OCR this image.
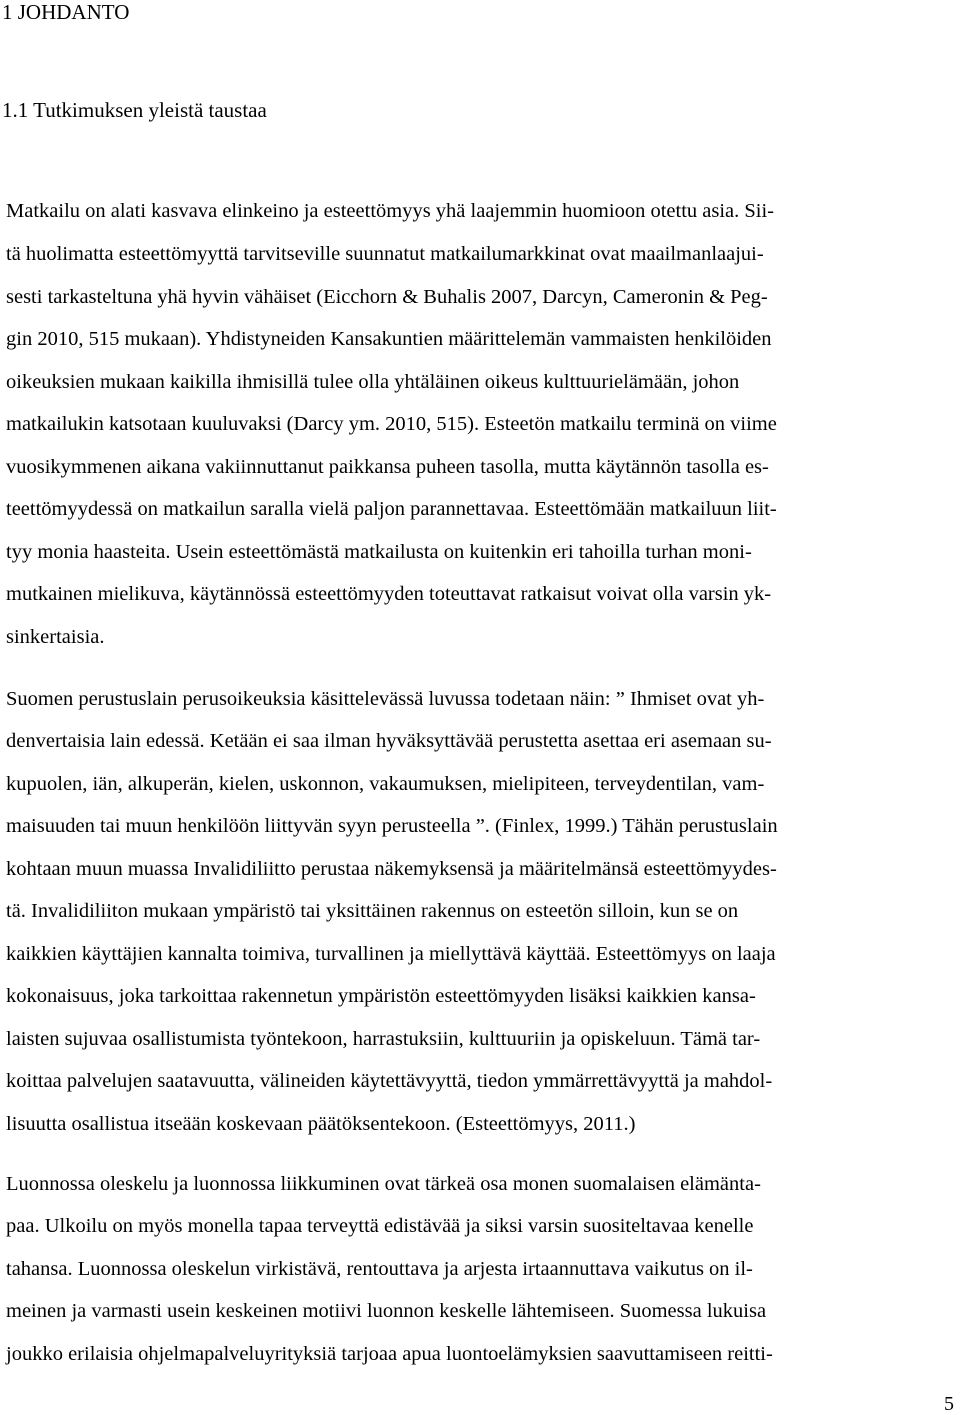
1 JOHDANTO
1.1 Tutkimuksen yleistä taustaa

Matkailu on alati kasvava elinkeino ja esteettömyys yhä laajemmin huomioon otettu asia. Sii-

tä huolimatta esteettömyyttä tarvitseville suunnatut matkailumarkkinat ovat maailmanlaajui-

sesti tarkasteltuna yhä hyvin vähäiset (Eicchorn & Buhalis 2007, Darcyn, Cameronin & Peg-

gin 2010, 515 mukaan). Yhdistyneiden Kansakuntien määrittelemän vammaisten henkilöiden

oikeuksien mukaan kaikilla ihmisillä tulee olla yhtäläinen oikeus kulttuurielämään, johon

matkailukin katsotaan kuuluvaksi (Darcy ym. 2010, 515). Esteetön matkailu terminä on viime

vuosikymmenen aikana vakiinnuttanut paikkansa puheen tasolla, mutta käytännön tasolla es-

teettömyydessä on matkailun saralla vielä paljon parannettavaa. Esteettömään matkailuun liit-

tyy monia haasteita. Usein esteettömästä matkailusta on kuitenkin eri tahoilla turhan moni-

mutkainen mielikuva, käytännössä esteettömyyden toteuttavat ratkaisut voivat olla varsin yk-

sinkertaisia.

Suomen perustuslain perusoikeuksia käsittelevässä luvussa todetaan näin: ” Ihmiset ovat yh-

denvertaisia lain edessä. Ketään ei saa ilman hyväksyttävää perustetta asettaa eri asemaan su-

kupuolen, iän, alkuperän, kielen, uskonnon, vakaumuksen, mielipiteen, terveydentilan, vam-

maisuuden tai muun henkilöön liittyvän syyn perusteella ”. (Finlex, 1999.) Tähän perustuslain

kohtaan muun muassa Invalidiliitto perustaa näkemyksensä ja määritelmänsä esteettömyydes-

tä. Invalidiliiton mukaan ympäristö tai yksittäinen rakennus on esteetön silloin, kun se on

kaikkien käyttäjien kannalta toimiva, turvallinen ja miellyttävä käyttää. Esteettömyys on laaja

kokonaisuus, joka tarkoittaa rakennetun ympäristön esteettömyyden lisäksi kaikkien kansa-

laisten sujuvaa osallistumista työntekoon, harrastuksiin, kulttuuriin ja opiskeluun. Tämä tar-

koittaa palvelujen saatavuutta, välineiden käytettävyyttä, tiedon ymmärrettävyyttä ja mahdol-

lisuutta osallistua itseään koskevaan päätöksentekoon. (Esteettömyys, 2011.)

Luonnossa oleskelu ja luonnossa liikkuminen ovat tärkeä osa monen suomalaisen elämänta-

paa. Ulkoilu on myös monella tapaa terveyttä edistävää ja siksi varsin suositeltavaa kenelle

tahansa. Luonnossa oleskelun virkistävä, rentouttava ja arjesta irtaannuttava vaikutus on il-

meinen ja varmasti usein keskeinen motiivi luonnon keskelle lähtemiseen. Suomessa lukuisa

joukko erilaisia ohjelmapalveluyrityksiä tarjoaa apua luontoelämyksien saavuttamiseen reitti-

5
